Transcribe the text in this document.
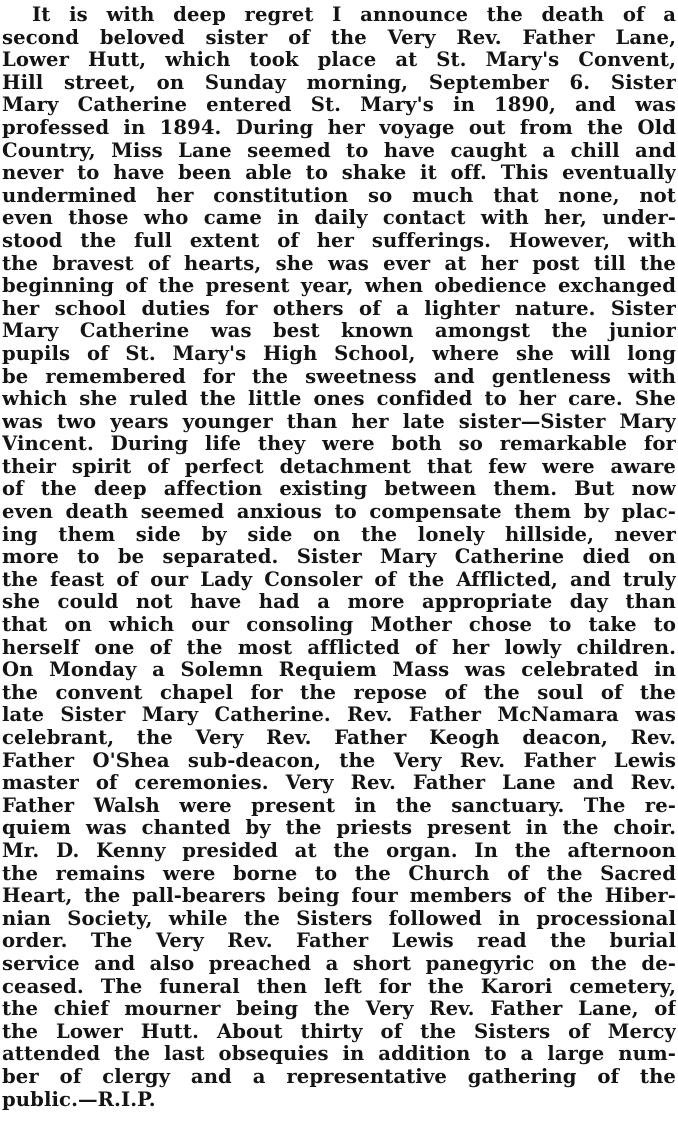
It is with deep regret I announce the death of a
second beloved sister of the Very Rev. Father Lane,
Lower Hutt, which took place at St. Mary's Convent,
Hill street, on Sunday morning, September 6. Sister
Mary Catherine entered St. Mary's in 1890, and was
professed in 1894. During her voyage out from the Old
Country, Miss Lane seemed to have caught a chill and
never to have been able to shake it off. This eventually
undermined her constitution so much that none, not
even those who came in daily contact with her, under-
stood the full extent of her sufferings. However, with
the bravest of hearts, she was ever at her post till the
beginning of the present year, when obedience exchanged
her school duties for others of a lighter nature. Sister
Mary Catherine was best known amongst the junior
pupils of St. Mary's High School, where she will long
be remembered for the sweetness and gentleness with
which she ruled the little ones confided to her care. She
was two years younger than her late sister—Sister Mary
Vincent. During life they were both so remarkable for
their spirit of perfect detachment that few were aware
of the deep affection existing between them. But now
even death seemed anxious to compensate them by plac-
ing them side by side on the lonely hillside, never
more to be separated. Sister Mary Catherine died on
the feast of our Lady Consoler of the Afflicted, and truly
she could not have had a more appropriate day than
that on which our consoling Mother chose to take to
herself one of the most afflicted of her lowly children.
On Monday a Solemn Requiem Mass was celebrated in
the convent chapel for the repose of the soul of the
late Sister Mary Catherine. Rev. Father McNamara was
celebrant, the Very Rev. Father Keogh deacon, Rev.
Father O'Shea sub-deacon, the Very Rev. Father Lewis
master of ceremonies. Very Rev. Father Lane and Rev.
Father Walsh were present in the sanctuary. The re-
quiem was chanted by the priests present in the choir.
Mr. D. Kenny presided at the organ. In the afternoon
the remains were borne to the Church of the Sacred
Heart, the pall-bearers being four members of the Hiber-
nian Society, while the Sisters followed in processional
order. The Very Rev. Father Lewis read the burial
service and also preached a short panegyric on the de-
ceased. The funeral then left for the Karori cemetery,
the chief mourner being the Very Rev. Father Lane, of
the Lower Hutt. About thirty of the Sisters of Mercy
attended the last obsequies in addition to a large num-
ber of clergy and a representative gathering of the
public.—R.I.P.
